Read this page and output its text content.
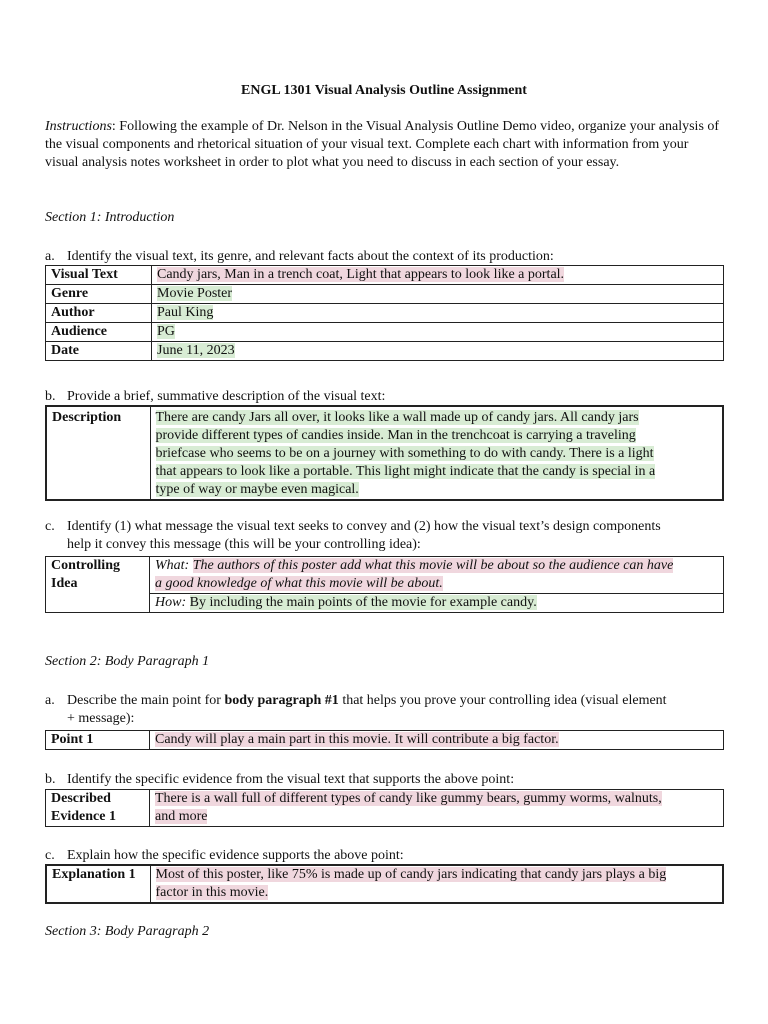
ENGL 1301 Visual Analysis Outline Assignment
Instructions: Following the example of Dr. Nelson in the Visual Analysis Outline Demo video, organize your analysis of the visual components and rhetorical situation of your visual text. Complete each chart with information from your visual analysis notes worksheet in order to plot what you need to discuss in each section of your essay.
Section 1: Introduction
a. Identify the visual text, its genre, and relevant facts about the context of its production:
Visual Text	Candy jars, Man in a trench coat, Light that appears to look like a portal.
Genre	Movie Poster
Author	Paul King
Audience	PG
Date	June 11, 2023
b. Provide a brief, summative description of the visual text:
Description	There are candy Jars all over, it looks like a wall made up of candy jars. All candy jars
provide different types of candies inside. Man in the trenchcoat is carrying a traveling
briefcase who seems to be on a journey with something to do with candy. There is a light
that appears to look like a portable. This light might indicate that the candy is special in a
type of way or maybe even magical.
c. Identify (1) what message the visual text seeks to convey and (2) how the visual text’s design components
help it convey this message (this will be your controlling idea):
Controlling
Idea	What: The authors of this poster add what this movie will be about so the audience can have
a good knowledge of what this movie will be about.
How: By including the main points of the movie for example candy.
Section 2: Body Paragraph 1
a. Describe the main point for body paragraph #1 that helps you prove your controlling idea (visual element
+ message):
Point 1	Candy will play a main part in this movie. It will contribute a big factor.
b. Identify the specific evidence from the visual text that supports the above point:
Described
Evidence 1	There is a wall full of different types of candy like gummy bears, gummy worms, walnuts,
and more
c. Explain how the specific evidence supports the above point:
Explanation 1	Most of this poster, like 75% is made up of candy jars indicating that candy jars plays a big
factor in this movie.
Section 3: Body Paragraph 2
